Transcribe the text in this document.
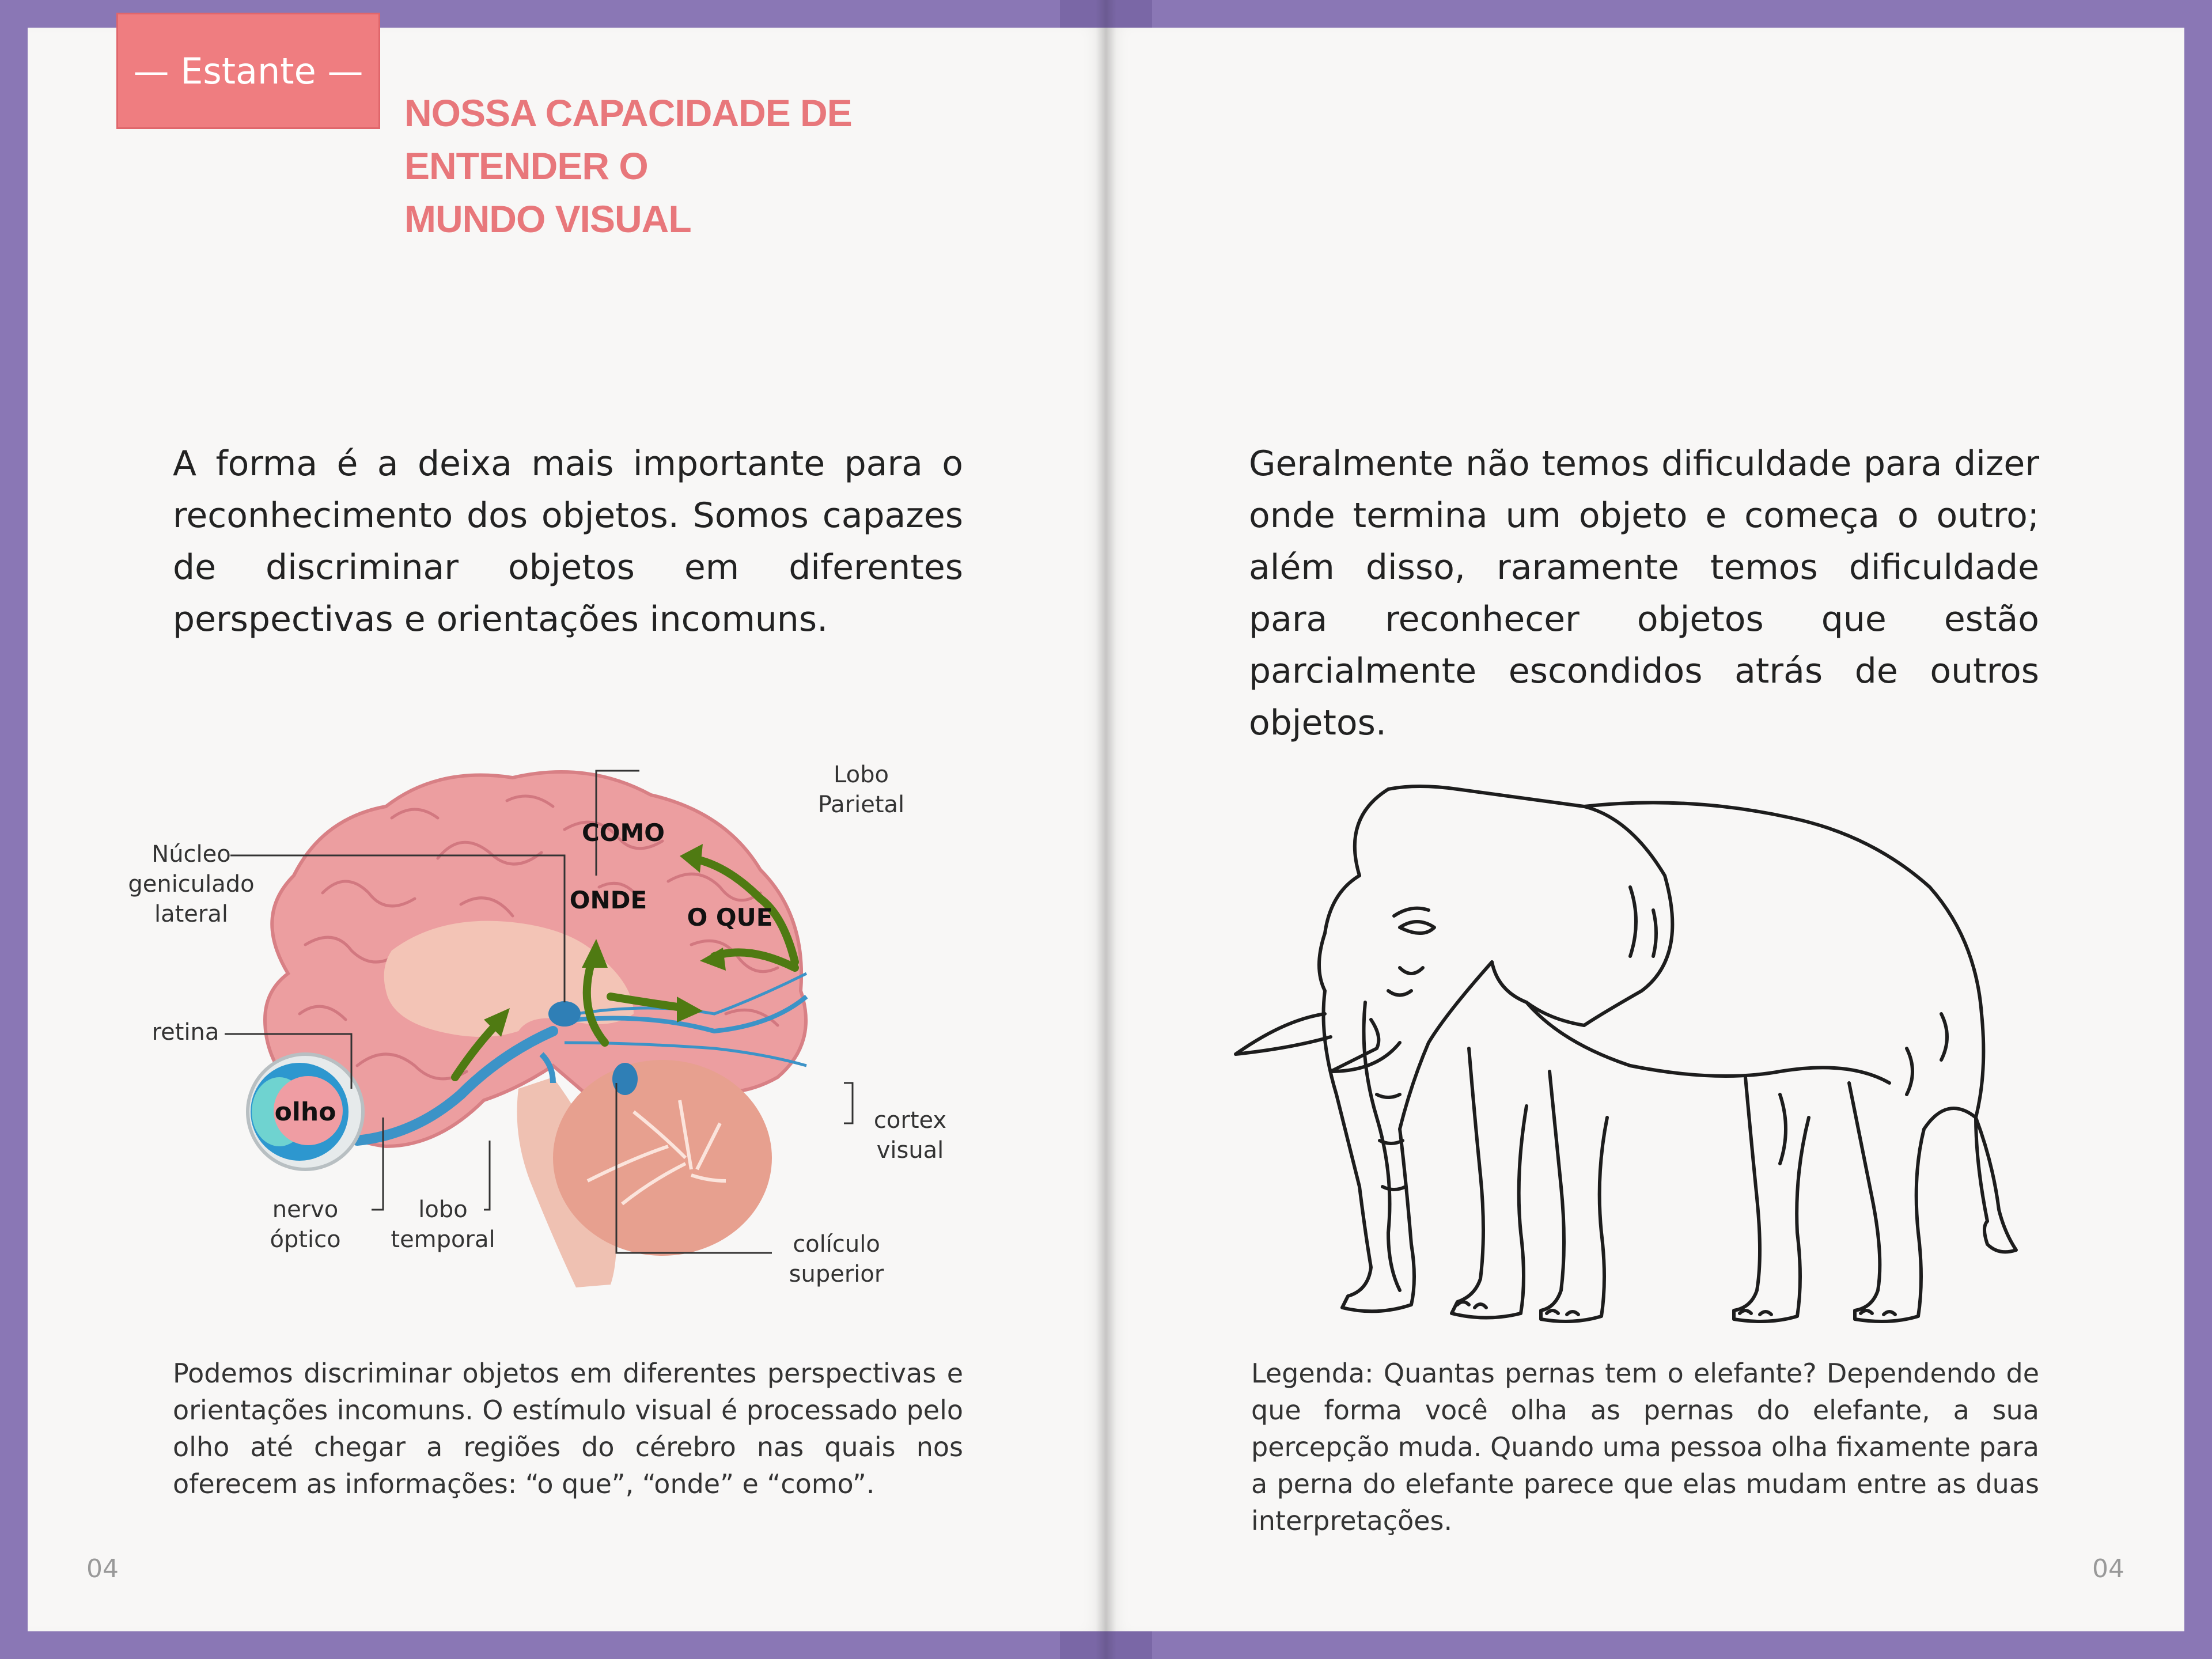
— Estante —
NOSSA CAPACIDADE DE ENTENDER O
MUNDO VISUAL
A forma é a deixa mais importante para o reconhecimento dos objetos. Somos capazes de discriminar objetos em diferentes perspectivas e orientações incomuns.
Lobo
Parietal
Núcleo
geniculado
lateral
retina
olho
nervo
óptico
lobo
temporal	colículo
superior
cortex
visual
COMO
ONDE
O QUE
Podemos discriminar objetos em diferentes perspectivas e orientações incomuns. O estímulo visual é processado pelo olho até chegar a regiões do cérebro nas quais nos oferecem as informações: “o que”, “onde” e “como”.
04
Geralmente não temos dificuldade para dizer onde termina um objeto e começa o outro; além disso, raramente temos dificuldade para reconhecer objetos que estão parcialmente escondidos atrás de outros objetos.
Legenda: Quantas pernas tem o elefante? Dependendo de que forma você olha as pernas do elefante, a sua percepção muda. Quando uma pessoa olha fixamente para a perna do elefante parece que elas mudam entre as duas interpretações.
04
